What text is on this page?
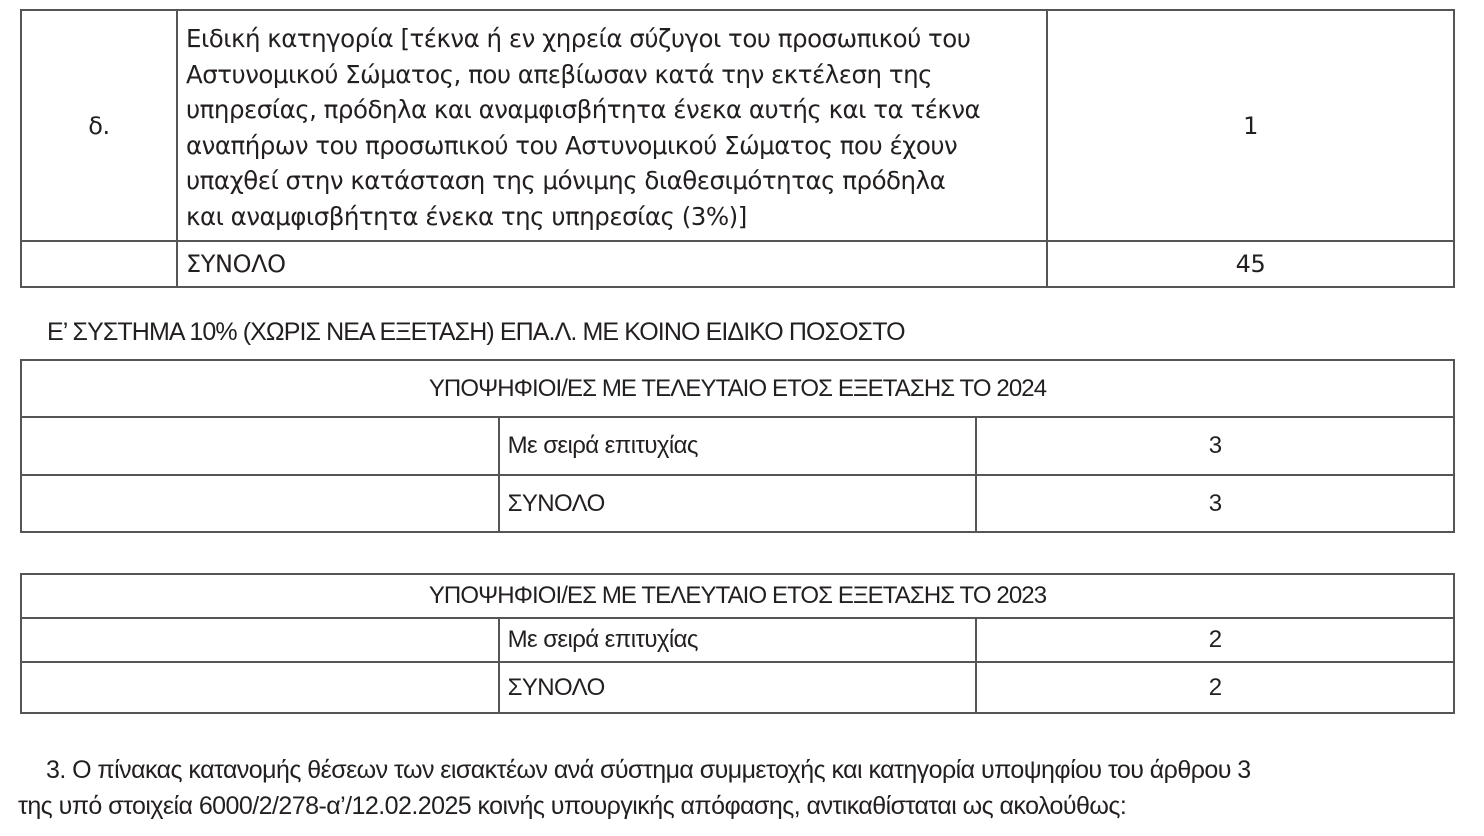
δ.	Ειδική κατηγορία [τέκνα ή εν χηρεία σύζυγοι του προσωπικού του
Αστυνομικού Σώματος, που απεβίωσαν κατά την εκτέλεση της
υπηρεσίας, πρόδηλα και αναμφισβήτητα ένεκα αυτής και τα τέκνα
αναπήρων του προσωπικού του Αστυνομικού Σώματος που έχουν
υπαχθεί στην κατάσταση της μόνιμης διαθεσιμότητας πρόδηλα
και αναμφισβήτητα ένεκα της υπηρεσίας (3%)]	1
	ΣΥΝΟΛΟ	45
Ε’ ΣΥΣΤΗΜΑ 10% (ΧΩΡΙΣ ΝΕΑ ΕΞΕΤΑΣΗ) ΕΠΑ.Λ. ΜΕ ΚΟΙΝΟ ΕΙΔΙΚΟ ΠΟΣΟΣΤΟ
ΥΠΟΨΗΦΙΟΙ/ΕΣ ΜΕ ΤΕΛΕΥΤΑΙΟ ΕΤΟΣ ΕΞΕΤΑΣΗΣ ΤΟ 2024		
	Με σειρά επιτυχίας	3
	ΣΥΝΟΛΟ	3
ΥΠΟΨΗΦΙΟΙ/ΕΣ ΜΕ ΤΕΛΕΥΤΑΙΟ ΕΤΟΣ ΕΞΕΤΑΣΗΣ ΤΟ 2023		
	Με σειρά επιτυχίας	2
	ΣΥΝΟΛΟ	2
3. Ο πίνακας κατανομής θέσεων των εισακτέων ανά σύστημα συμμετοχής και κατηγορία υποψηφίου του άρθρου 3
της υπό στοιχεία 6000/2/278-α’/12.02.2025 κοινής υπουργικής απόφασης, αντικαθίσταται ως ακολούθως:
